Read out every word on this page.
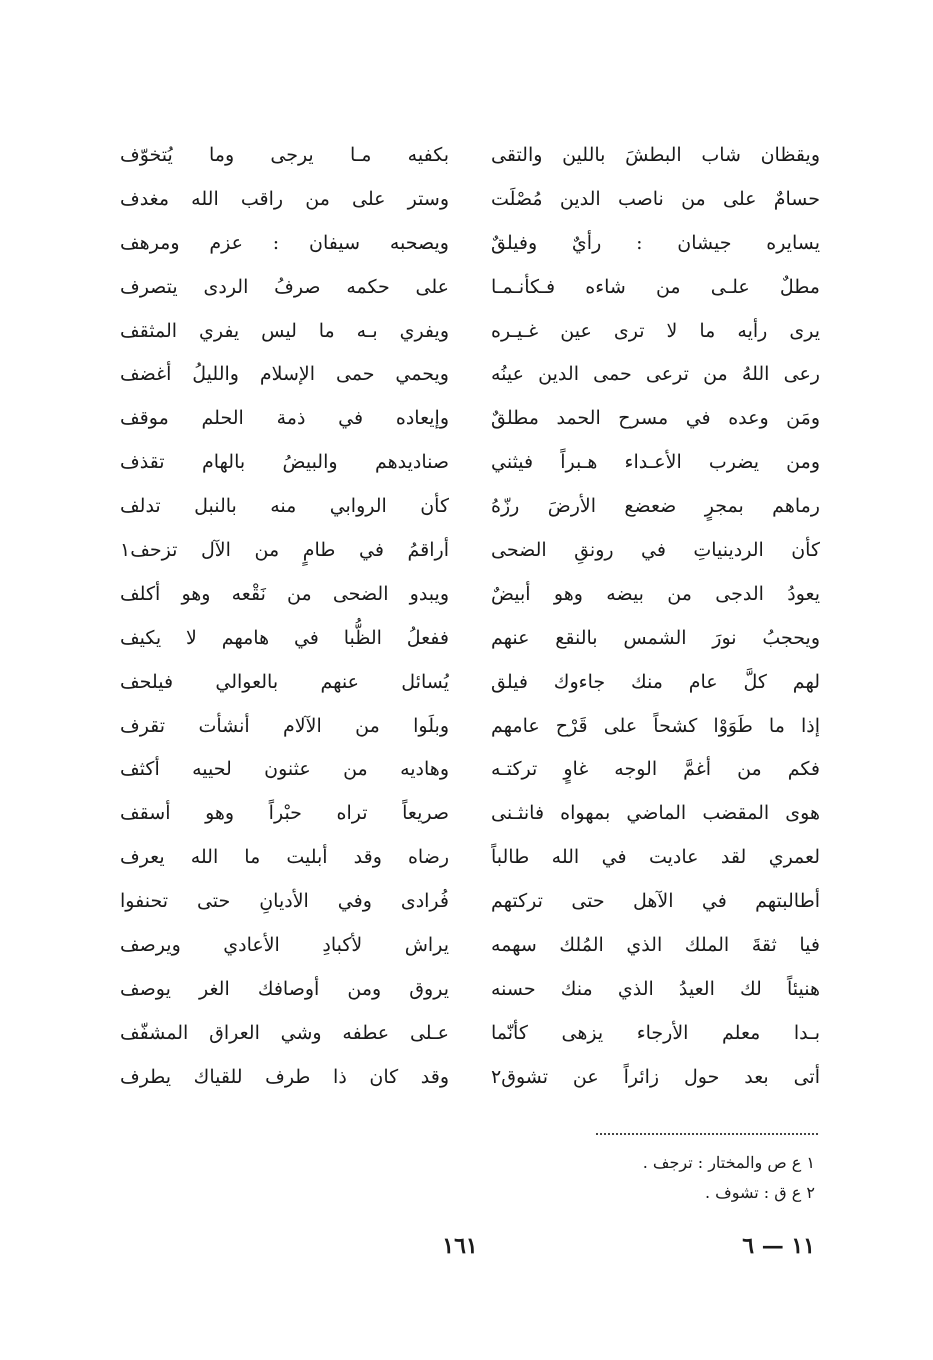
ويقظان شاب البطشَ باللين والتقى
حسامٌ على من ناصب الدين مُصْلَت
يسايره جيشان : رأيٌ وفيلقٌ
مطلٌ علـى من شاءه فـكأنـمـا
يرى رأيه ما لا ترى عين غـيـره
رعى اللهُ من ترعى حمى الدين عينُه
ومَن وعده في مسرح الحمد مطلقٌ
ومن يضرب الأعـداء هـبراً فيثني
رماهم بمجرٍ ضعضع الأرضَ رزّهُ
كأن الردينياتِ في رونقِ الضحى
يعودُ الدجى من بيضه وهو أبيضٌ
ويحجبُ نورَ الشمس بالنقع عنهم
لهم كلَّ عام منك جاءوك فيلق
إذا ما طَوَوْا كشحاً على قَرْح عامهم
فكم من أغمَّ الوجه غاوٍ تركتـه
هوى المقضب الماضي بمهواه فانثـنى
لعمري لقد عاديت في الله طالباً
أطالبتهم في الآهل حتى تركتهم
فيا ثقةَ الملك الذي المُلك سهمه
هنيئاً لك العيدُ الذي منك حسنه
بـدا معلم الأرجاء يزهى كأنّما
أتى بعد حول زائراً عن تشوق٢
بكفيه مـا يرجى وما يُتخوّف
وستر على من راقب الله مغدف
ويصحبه سيفان : عزم ومرهف
على حكمه صرفُ الردى يتصرف
ويفري بـه ما ليس يفري المثقف
ويحمي حمى الإسلام والليلُ أغضف
وإيعاده في ذمة الحلم موقف
صناديدهم والبيضُ بالهام تقذف
كأن الروابي منه بالنبل تدلف
أراقمُ في طامٍ من الآل تزحف١
ويبدو الضحى من نَقْعه وهو أكلف
ففعلُ الظُّبا في هامهم لا يكيف
يُسائل عنهم بالعوالي فيلحف
وبلَوا من الآلام أنشأت تقرف
وهاديه من عثنون لحييه أكثف
صريعاً تراه حبْراً وهو أسقف
رضاه وقد أبليت ما الله يعرف
فُرادى وفي الأديانِ حتى تحنفوا
يراش لأكبادِ الأعادي ويرصف
يروق ومن أوصافك الغر يوصف
عـلى عطفه وشي العراق المشفّف
وقد كان ذا طرف للقياك يطرف
١ ع ص والمختار : ترجف .
٢ ع ق : تشوف .
١٦١	١١ — ٦
